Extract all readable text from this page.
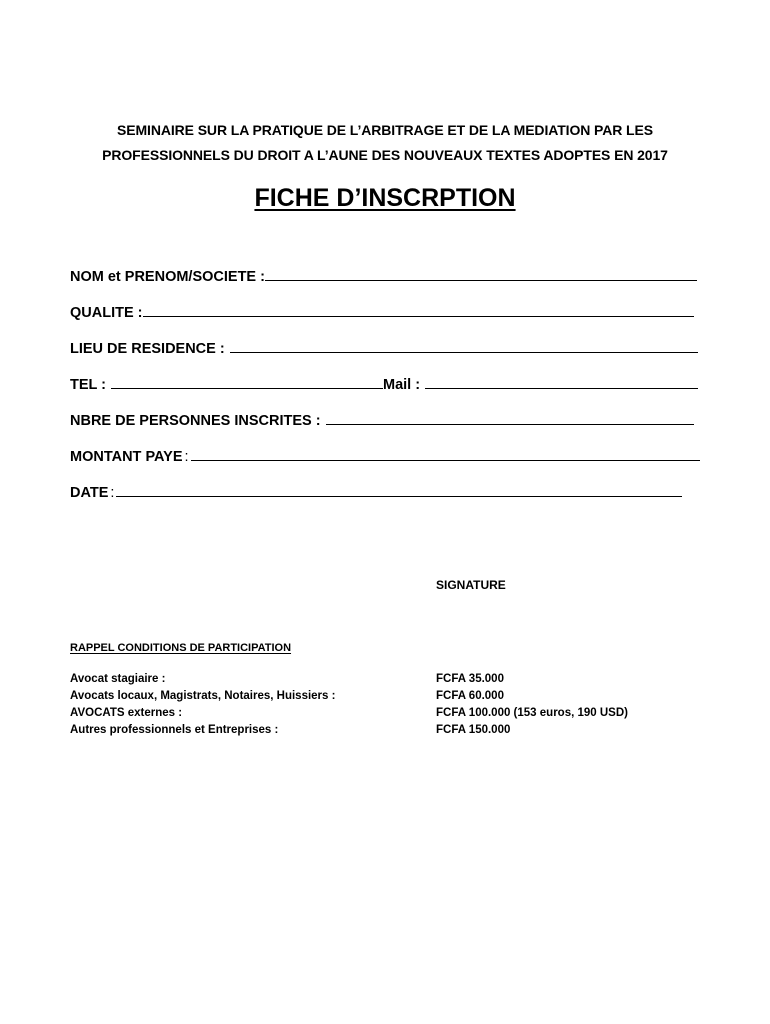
SEMINAIRE SUR LA PRATIQUE DE L’ARBITRAGE ET DE LA MEDIATION PAR LES
PROFESSIONNELS DU DROIT A L’AUNE DES NOUVEAUX TEXTES ADOPTES EN 2017
FICHE D’INSCRPTION
NOM et PRENOM/SOCIETE :
QUALITE :
LIEU DE RESIDENCE :
TEL :	Mail :
NBRE DE PERSONNES INSCRITES :
MONTANT PAYE :
DATE :
SIGNATURE
RAPPEL CONDITIONS DE PARTICIPATION
Avocat stagiaire :	FCFA 35.000
Avocats locaux, Magistrats, Notaires, Huissiers :	FCFA 60.000
AVOCATS externes :	FCFA 100.000 (153 euros, 190 USD)
Autres professionnels et Entreprises :	FCFA 150.000
